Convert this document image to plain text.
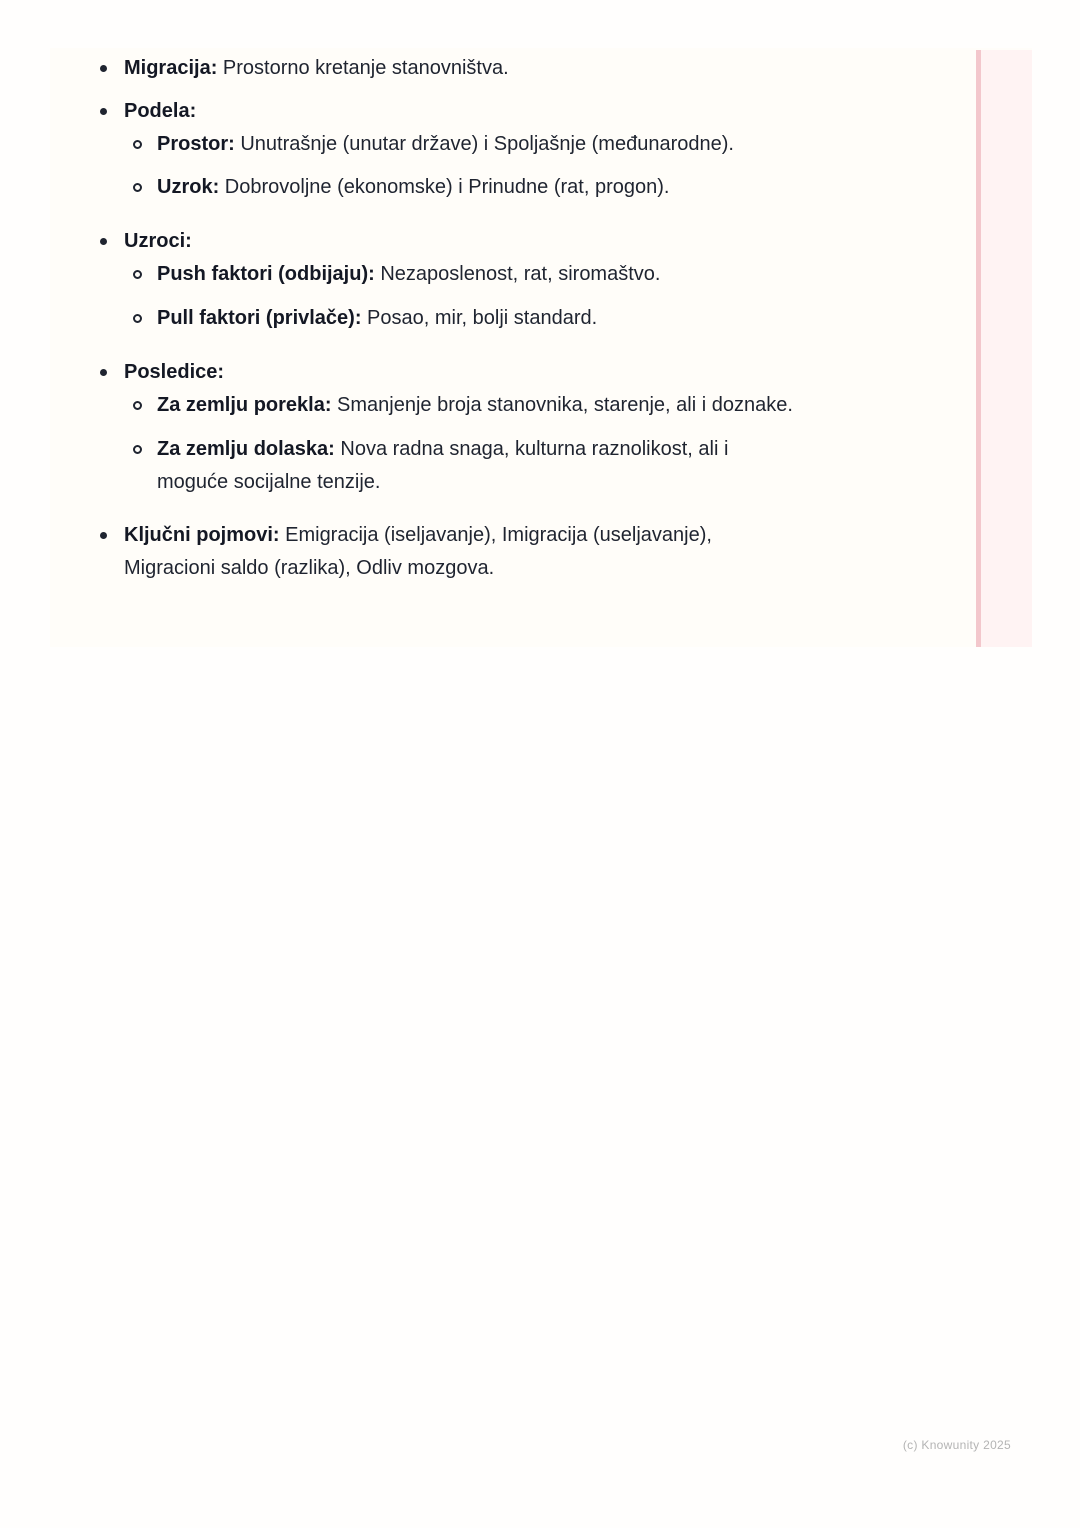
Migracija: Prostorno kretanje stanovništva.
Podela:
Prostor: Unutrašnje (unutar države) i Spoljašnje (međunarodne).
Uzrok: Dobrovoljne (ekonomske) i Prinudne (rat, progon).
Uzroci:
Push faktori (odbijaju): Nezaposlenost, rat, siromaštvo.
Pull faktori (privlače): Posao, mir, bolji standard.
Posledice:
Za zemlju porekla: Smanjenje broja stanovnika, starenje, ali i doznake.
Za zemlju dolaska: Nova radna snaga, kulturna raznolikost, ali i moguće socijalne tenzije.
Ključni pojmovi: Emigracija (iseljavanje), Imigracija (useljavanje), Migracioni saldo (razlika), Odliv mozgova.
(c) Knowunity 2025
